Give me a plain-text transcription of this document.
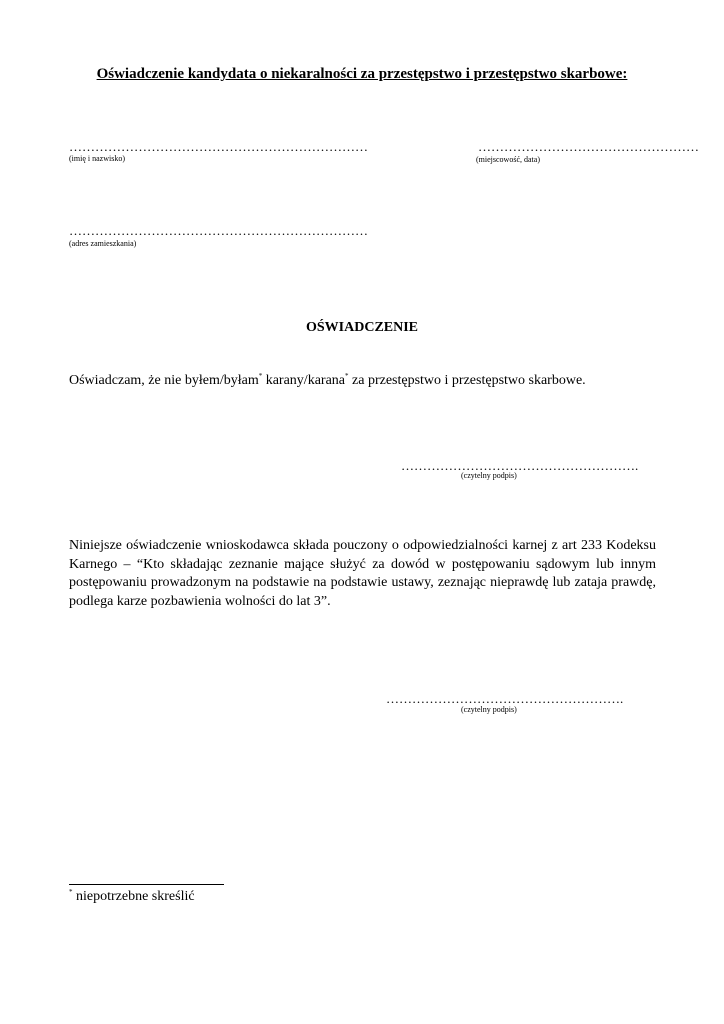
Oświadczenie kandydata o niekaralności za przestępstwo i przestępstwo skarbowe:
……………………………………………………………
(imię i nazwisko)
……………………………………………
(miejscowość, data)
……………………………………………………………
(adres zamieszkania)
OŚWIADCZENIE
Oświadczam, że nie byłem/byłam* karany/karana* za przestępstwo i przestępstwo skarbowe.
……………………………………………….
(czytelny podpis)
Niniejsze oświadczenie wnioskodawca składa pouczony o odpowiedzialności karnej z art 233 Kodeksu Karnego – “Kto składając zeznanie mające służyć za dowód w postępowaniu sądowym lub innym postępowaniu prowadzonym na podstawie na podstawie ustawy, zeznając nieprawdę lub zataja prawdę, podlega karze pozbawienia wolności do lat 3”.
……………………………………………….
(czytelny podpis)
* niepotrzebne skreślić
